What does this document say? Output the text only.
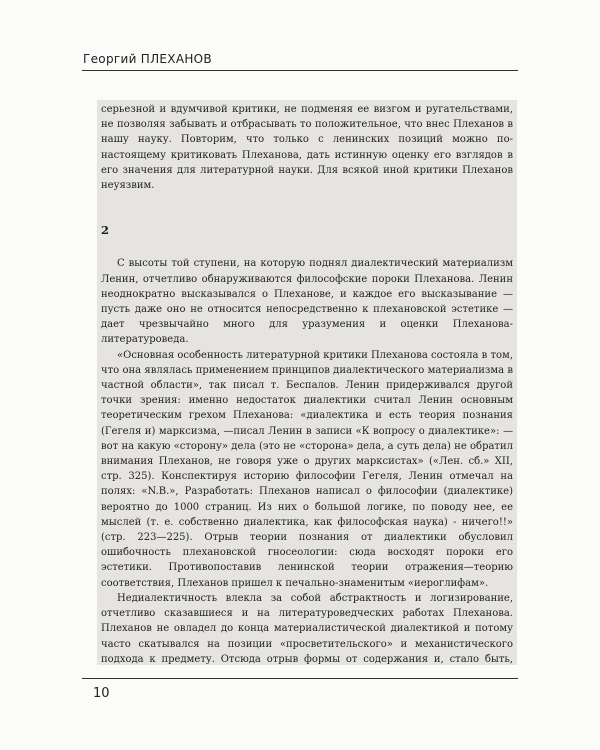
Георгий ПЛЕХАНОВ

серьезной и вдумчивой критики, не подменяя ее визгом и ругательствами, не позволяя забывать и отбрасывать то положительное, что внес Плеханов в нашу науку. Повторим, что только с ленинских позиций можно по-настоящему критиковать Плеханова, дать истинную оценку его взглядов в его значения для литературной науки. Для всякой иной критики Плеханов неуязвим.

2

С высоты той ступени, на которую поднял диалектический материализм Ленин, отчетливо обнаруживаются философские пороки Плеханова. Ленин неоднократно высказывался о Плеханове, и каждое его высказывание — пусть даже оно не относится непосредственно к плехановской эстетике — дает чрезвычайно много для уразумения и оценки Плеханова-литературоведа.

«Основная особенность литературной критики Плеханова состояла в том, что она являлась применением принципов диалектического материализма в частной области», так писал т. Беспалов. Ленин придерживался другой точки зрения: именно недостаток диалектики считал Ленин основным теоретическим грехом Плеханова: «диалектика и есть теория познания (Гегеля и) марксизма, —писал Ленин в записи «К вопросу о диалектике»: —вот на какую «сторону» дела (это не «сторона» дела, а суть дела) не обратил внимания Плеханов, не говоря уже о других марксистах» («Лен. сб.» XII, стр. 325). Конспектируя историю философии Гегеля, Ленин отмечал на полях: «N.B.», Разработать: Плеханов написал о философии (диалектике) вероятно до 1000 страниц. Из них о большой логике, по поводу нее, ее мыслей (т. е. собственно диалектика, как философская наука) - ничего!!» (стр. 223—225). Отрыв теории познания от диалектики обусловил ошибочность плехановской гносеологии: сюда восходят пороки его эстетики. Противопоставив ленинской теории отражения—теорию соответствия, Плеханов пришел к печально-знаменитым «иероглифам».

Недиалектичность влекла за собой абстрактность и логизирование, отчетливо сказавшиеся и на литературоведческих работах Плеханова. Плеханов не овладел до конца материалистической диалектикой и потому часто скатывался на позиции «просветительского» и механистического подхода к предмету. Отсюда отрыв формы от содержания и, стало быть,

10
